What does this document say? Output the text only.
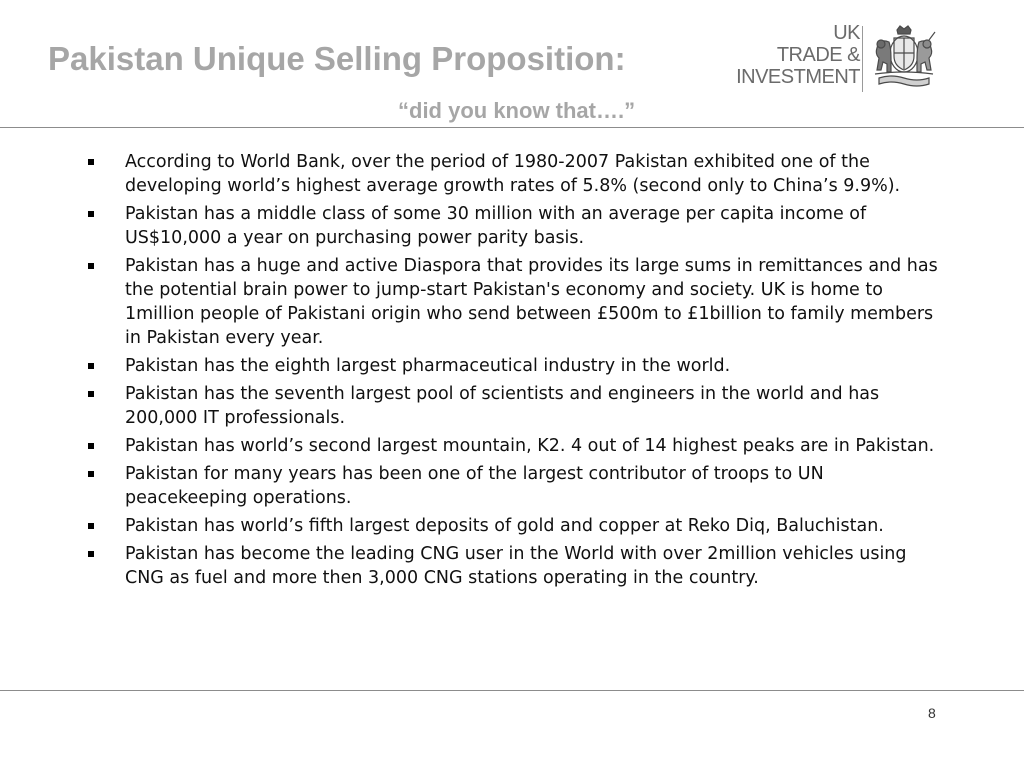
Pakistan Unique Selling Proposition:
“did you know that….”
UK
TRADE &
INVESTMENT
According to World Bank, over the period of 1980-2007 Pakistan exhibited one of the developing world’s highest average growth rates of 5.8% (second only to China’s 9.9%).
Pakistan has a middle class of some 30 million with an average per capita income of US$10,000 a year on purchasing power parity basis.
Pakistan has a huge and active Diaspora that provides its large sums in remittances and has the potential brain power to jump-start Pakistan's economy and society. UK is home to 1million people of Pakistani origin who send between £500m to £1billion to family members in Pakistan every year.
Pakistan has the eighth largest pharmaceutical industry in the world.
Pakistan has the seventh largest pool of scientists and engineers in the world and has 200,000 IT professionals.
Pakistan has world’s second largest mountain, K2. 4 out of 14 highest peaks are in Pakistan.
Pakistan for many years has been one of the largest contributor of troops to UN peacekeeping operations.
Pakistan has world’s fifth largest deposits of gold and copper at Reko Diq, Baluchistan.
Pakistan has become the leading CNG user in the World with over 2million vehicles using CNG as fuel and more then 3,000 CNG stations operating in the country.
8
